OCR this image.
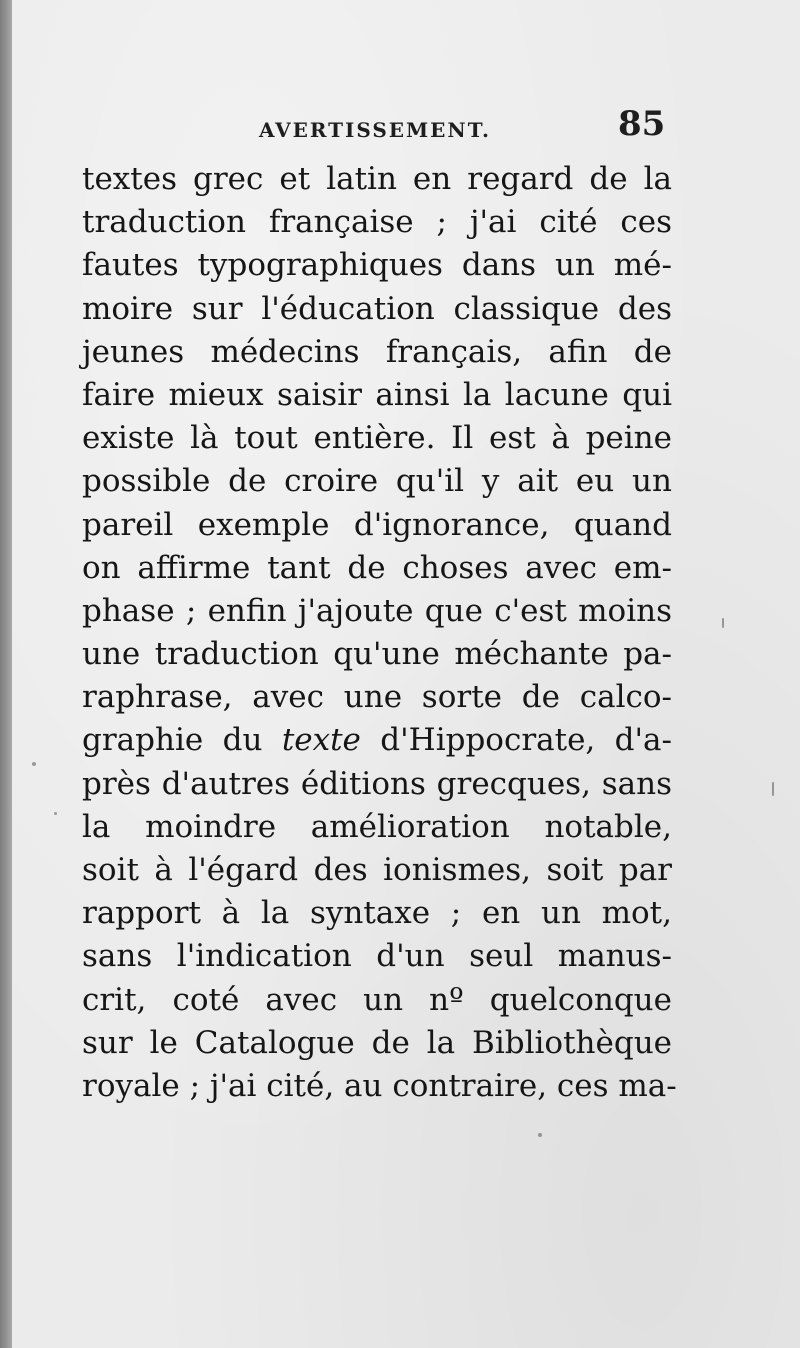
AVERTISSEMENT.	85
textes grec et latin en regard de la
traduction française ; j'ai cité ces
fautes typographiques dans un mé-
moire sur l'éducation classique des
jeunes médecins français, afin de
faire mieux saisir ainsi la lacune qui
existe là tout entière. Il est à peine
possible de croire qu'il y ait eu un
pareil exemple d'ignorance, quand
on affirme tant de choses avec em-
phase ; enfin j'ajoute que c'est moins
une traduction qu'une méchante pa-
raphrase, avec une sorte de calco-
graphie du texte d'Hippocrate, d'a-
près d'autres éditions grecques, sans
la moindre amélioration notable,
soit à l'égard des ionismes, soit par
rapport à la syntaxe ; en un mot,
sans l'indication d'un seul manus-
crit, coté avec un nº quelconque
sur le Catalogue de la Bibliothèque
royale ; j'ai cité, au contraire, ces ma-
